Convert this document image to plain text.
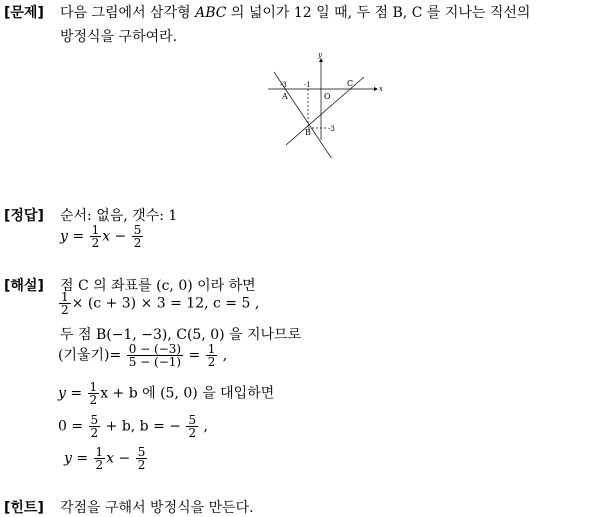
[문제] 다음 그림에서 삼각형 ABC 의 넓이가 12 일 때, 두 점 B, C 를 지나는 직선의
방정식을 구하여라.
y
x
-3 -1	C
A	O
B -3
[정답] 순서: 없음, 갯수: 1
$y = \frac{1}{2}$ $x - \frac{5}{2}$
[해설] 점 C 의 좌표를 (c, 0) 이라 하면
$\frac{1}{2} \times (c + 3) \times 3 = 12$, c = 5 ,
두 점 B(−1, −3), C(5, 0) 을 지나므로
(기울기)= $\frac{0 - (-3)}{5 - (-1)} = \frac{1}{2}$ ,
$y = \frac{1}{2}$ x + b 에 (5, 0) 을 대입하면
$0 = \frac{5}{2} + b$, b = − $\frac{5}{2}$ ,
$y = \frac{1}{2}$ $x - \frac{5}{2}$
[힌트] 각점을 구해서 방정식을 만든다.
